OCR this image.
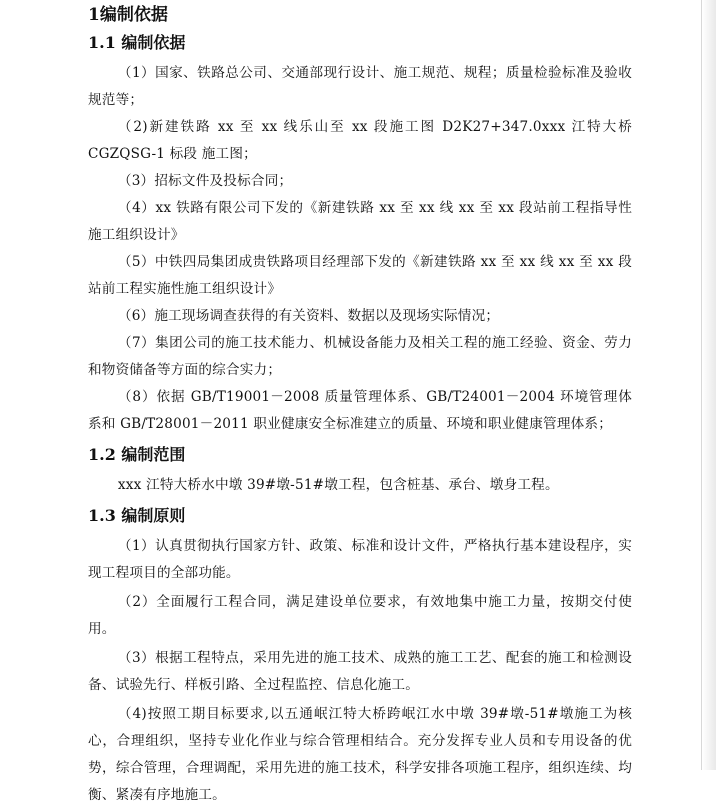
1编制依据
1.1 编制依据

（1）国家、铁路总公司、交通部现行设计、施工规范、规程；质量检验标准及验收规范等；

（2)新建铁路 xx 至 xx 线乐山至 xx 段施工图 D2K27+347.0xxx 江特大桥 CGZQSG-1 标段 施工图；

（3）招标文件及投标合同；

（4）xx 铁路有限公司下发的《新建铁路 xx 至 xx 线 xx 至 xx 段站前工程指导性施工组织设计》

（5）中铁四局集团成贵铁路项目经理部下发的《新建铁路 xx 至 xx 线 xx 至 xx 段站前工程实施性施工组织设计》

（6）施工现场调查获得的有关资料、数据以及现场实际情况；

（7）集团公司的施工技术能力、机械设备能力及相关工程的施工经验、资金、劳力和物资储备等方面的综合实力；

（8）依据 GB/T19001－2008 质量管理体系、GB/T24001－2004 环境管理体系和 GB/T28001－2011 职业健康安全标准建立的质量、环境和职业健康管理体系；

1.2 编制范围

xxx 江特大桥水中墩 39#墩-51#墩工程，包含桩基、承台、墩身工程。

1.3 编制原则

（1）认真贯彻执行国家方针、政策、标准和设计文件，严格执行基本建设程序，实现工程项目的全部功能。

（2）全面履行工程合同，满足建设单位要求，有效地集中施工力量，按期交付使用。

（3）根据工程特点，采用先进的施工技术、成熟的施工工艺、配套的施工和检测设备、试验先行、样板引路、全过程监控、信息化施工。

（4)按照工期目标要求,以五通岷江特大桥跨岷江水中墩 39#墩-51#墩施工为核心，合理组织，坚持专业化作业与综合管理相结合。充分发挥专业人员和专用设备的优势，综合管理，合理调配，采用先进的施工技术，科学安排各项施工程序，组织连续、均衡、紧凑有序地施工。
